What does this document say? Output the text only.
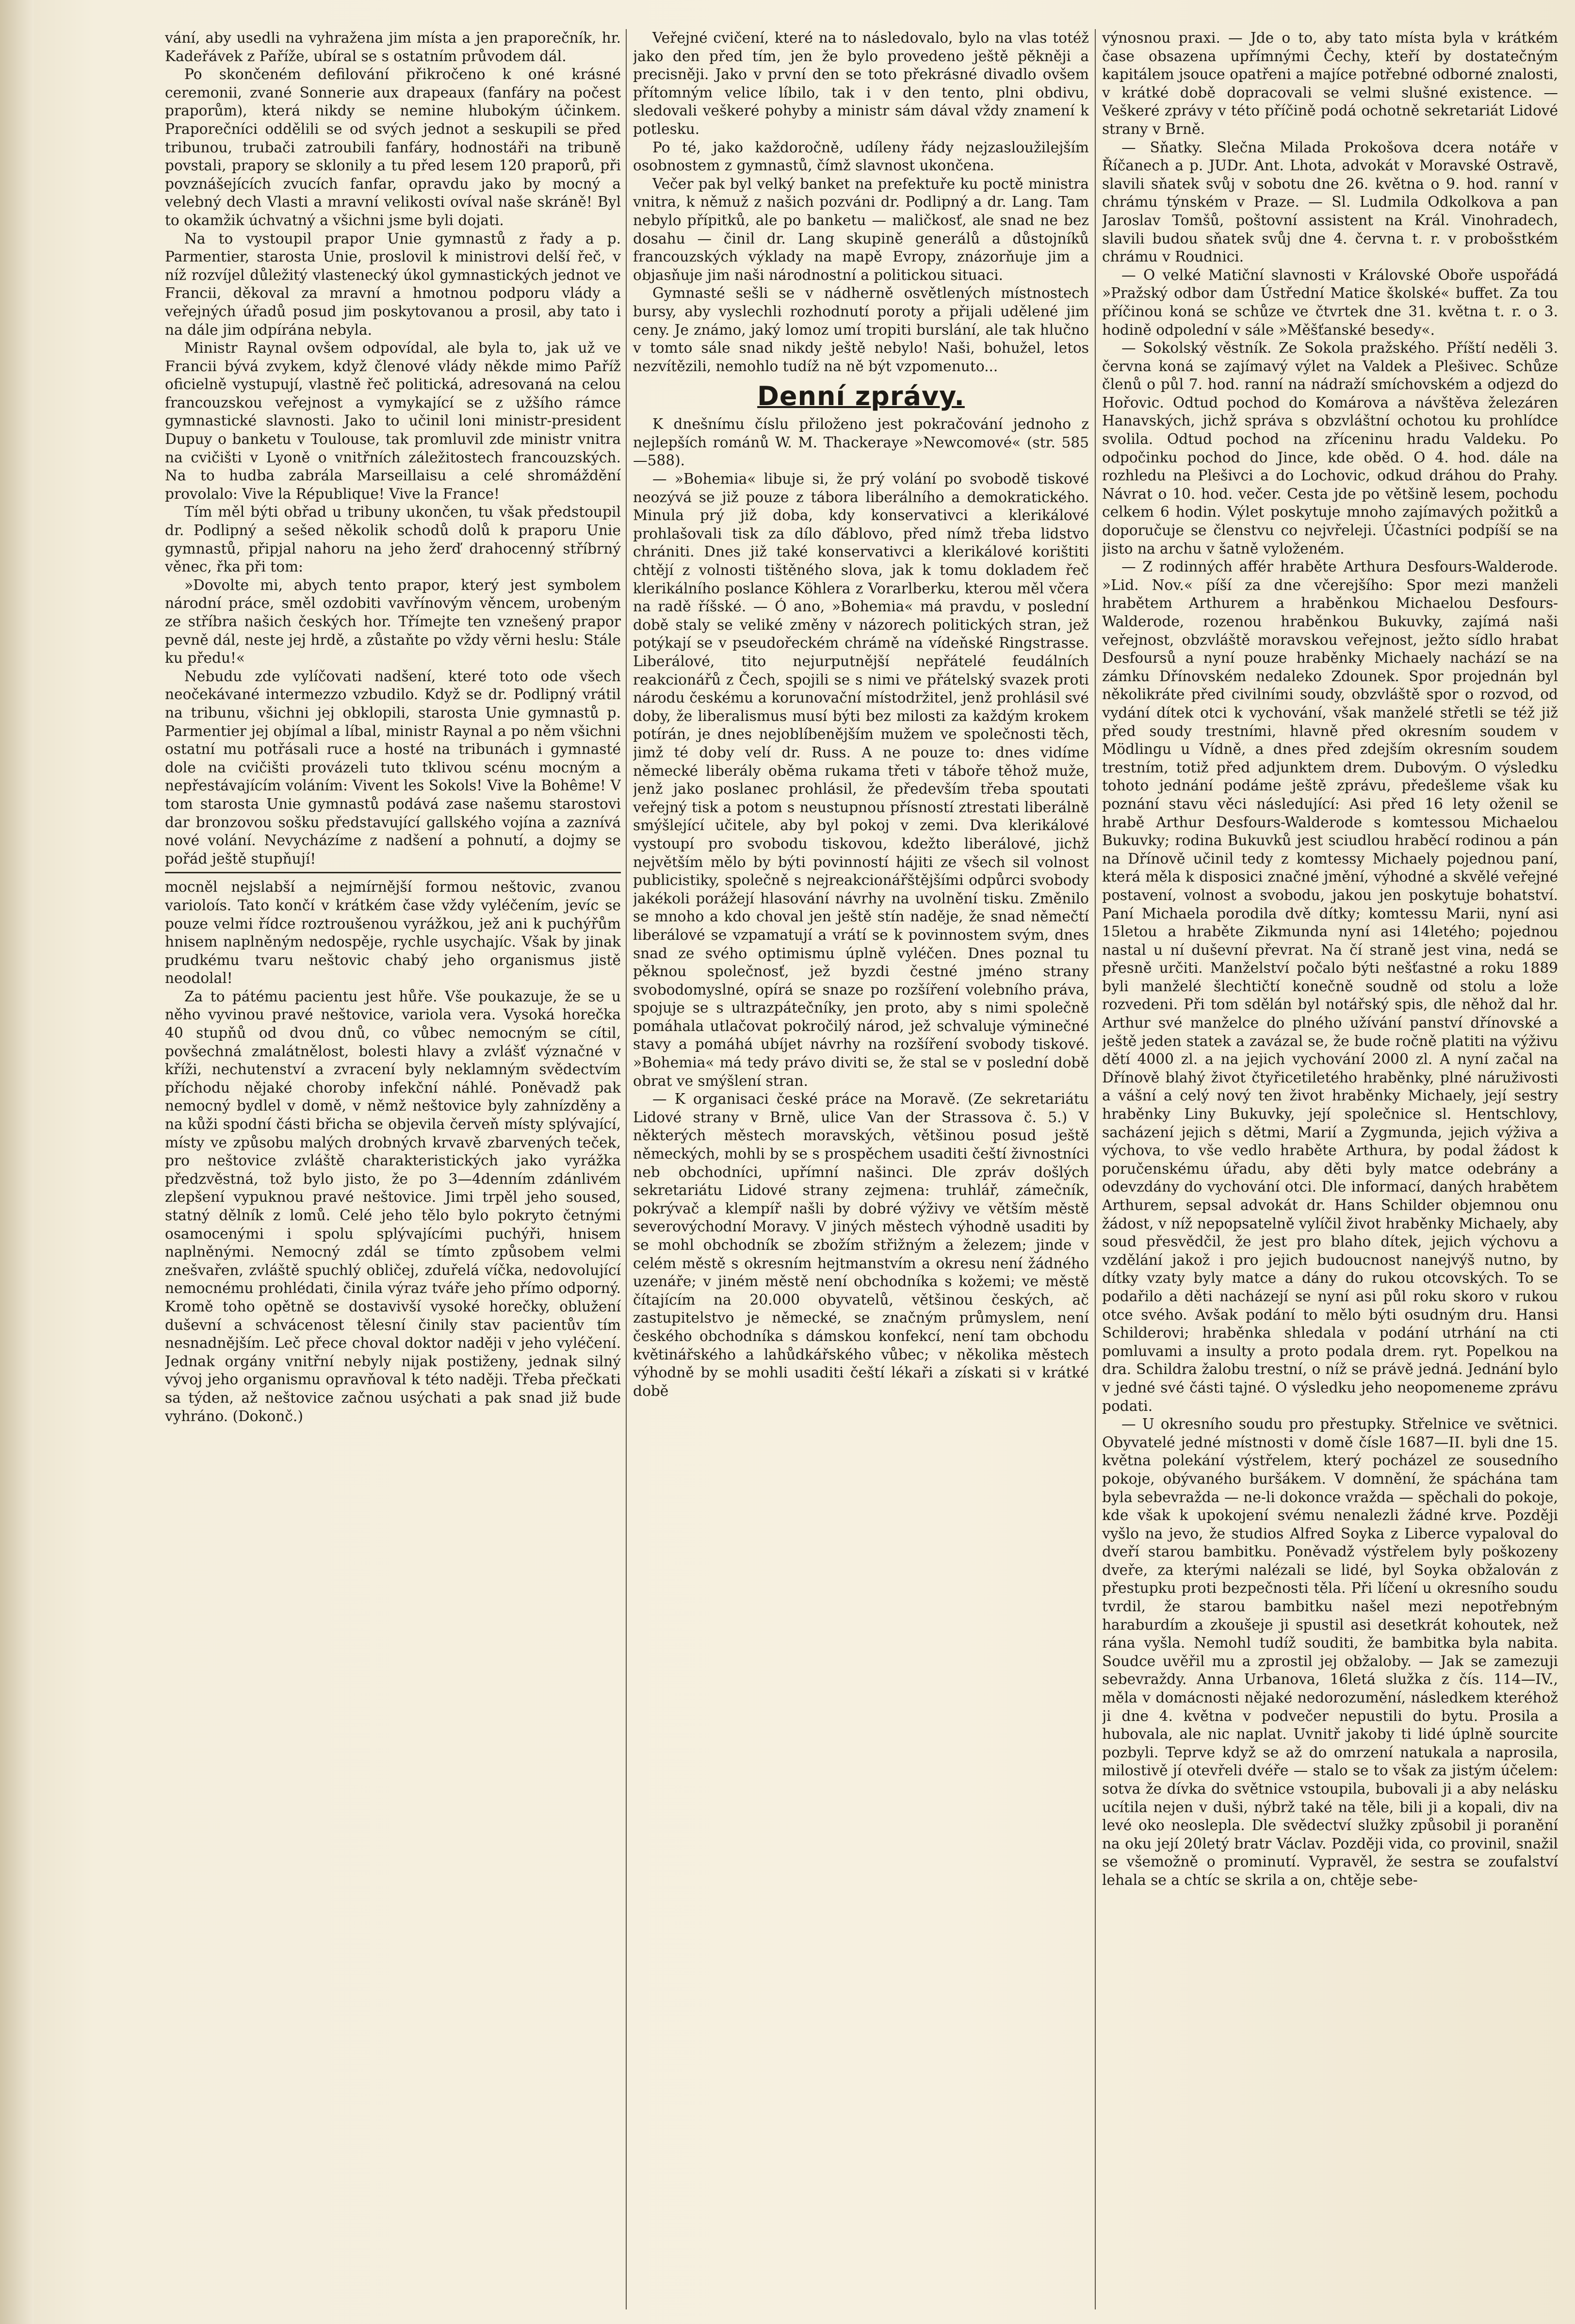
vání, aby usedli na vyhražena jim místa a jen praporečník, hr. Kadeřávek z Paříže, ubíral se s ostatním průvodem dál.

Po skončeném defilování přikročeno k oné krásné ceremonii, zvané Sonnerie aux drapeaux (fanfáry na počest praporům), která nikdy se nemine hlubokým účinkem. Praporečníci oddělili se od svých jednot a seskupili se před tribunou, trubači zatroubili fanfáry, hodnostáři na tribuně povstali, prapory se sklonily a tu před lesem 120 praporů, při povznášejících zvucích fanfar, opravdu jako by mocný a velebný dech Vlasti a mravní velikosti ovíval naše skráně! Byl to okamžik úchvatný a všichni jsme byli dojati.

Na to vystoupil prapor Unie gymnastů z řady a p. Parmentier, starosta Unie, proslovil k ministrovi delší řeč, v níž rozvíjel důležitý vlastenecký úkol gymnastických jednot ve Francii, děkoval za mravní a hmotnou podporu vlády a veřejných úřadů posud jim poskytovanou a prosil, aby tato i na dále jim odpírána nebyla.

Ministr Raynal ovšem odpovídal, ale byla to, jak už ve Francii bývá zvykem, když členové vlády někde mimo Paříž oficielně vystupují, vlastně řeč politická, adresovaná na celou francouzskou veřejnost a vymykající se z užšího rámce gymnastické slavnosti. Jako to učinil loni ministr-president Dupuy o banketu v Toulouse, tak promluvil zde ministr vnitra na cvičišti v Lyoně o vnitřních záležitostech francouzských. Na to hudba zabrála Marseillaisu a celé shromáždění provolalo: Vive la République! Vive la France!

Tím měl býti obřad u tribuny ukončen, tu však předstoupil dr. Podlipný a sešed několik schodů dolů k praporu Unie gymnastů, připjal nahoru na jeho žerď drahocenný stříbrný věnec, řka při tom:

»Dovolte mi, abych tento prapor, který jest symbolem národní práce, směl ozdobiti vavřínovým věncem, urobeným ze stříbra našich českých hor. Třímejte ten vznešený prapor pevně dál, neste jej hrdě, a zůstaňte po vždy věrni heslu: Stále ku předu!«

Nebudu zde vylíčovati nadšení, které toto ode všech neočekávané intermezzo vzbudilo. Když se dr. Podlipný vrátil na tribunu, všichni jej obklopili, starosta Unie gymnastů p. Parmentier jej objímal a líbal, ministr Raynal a po něm všichni ostatní mu potřásali ruce a hosté na tribunách i gymnasté dole na cvičišti provázeli tuto tklivou scénu mocným a nepřestávajícím voláním: Vivent les Sokols! Vive la Bohême! V tom starosta Unie gymnastů podává zase našemu starostovi dar bronzovou sošku představující gallského vojína a zaznívá nové volání. Nevycházíme z nadšení a pohnutí, a dojmy se pořád ještě stupňují!

mocněl nejslabší a nejmírnější formou neštovic, zvanou varioloís. Tato končí v krátkém čase vždy vyléčením, jevíc se pouze velmi řídce roztroušenou vyrážkou, jež ani k puchýřům hnisem naplněným nedospěje, rychle usychajíc. Však by jinak prudkému tvaru neštovic chabý jeho organismus jistě neodolal!

Za to pátému pacientu jest hůře. Vše poukazuje, že se u něho vyvinou pravé neštovice, variola vera. Vysoká horečka 40 stupňů od dvou dnů, co vůbec nemocným se cítil, povšechná zmalátnělost, bolesti hlavy a zvlášť význačné v kříži, nechutenství a zvracení byly neklamným svědectvím příchodu nějaké choroby infekční náhlé. Poněvadž pak nemocný bydlel v domě, v němž neštovice byly zahnízděny a na kůži spodní části břicha se objevila červeň místy splývající, místy ve způsobu malých drobných krvavě zbarvených teček, pro neštovice zvláště charakteristických jako vyrážka předzvěstná, tož bylo jisto, že po 3—4denním zdánlivém zlepšení vypuknou pravé neštovice. Jimi trpěl jeho soused, statný dělník z lomů. Celé jeho tělo bylo pokryto četnými osamocenými i spolu splývajícími puchýři, hnisem naplněnými. Nemocný zdál se tímto způsobem velmi znešvařen, zvláště spuchlý obličej, zduřelá víčka, nedovolující nemocnému prohlédati, činila výraz tváře jeho přímo odporný. Kromě toho opětně se dostavivší vysoké horečky, oblužení duševní a schvácenost tělesní činily stav pacientův tím nesnadnějším. Leč přece choval doktor naději v jeho vyléčení. Jednak orgány vnitřní nebyly nijak postiženy, jednak silný vývoj jeho organismu opravňoval k této naději. Třeba přečkati sa týden, až neštovice začnou usýchati a pak snad již bude vyhráno. (Dokonč.)

Veřejné cvičení, které na to následovalo, bylo na vlas totéž jako den před tím, jen že bylo provedeno ještě pěkněji a precisněji. Jako v první den se toto překrásné divadlo ovšem přítomným velice líbilo, tak i v den tento, plni obdivu, sledovali veškeré pohyby a ministr sám dával vždy znamení k potlesku.

Po té, jako každoročně, udíleny řády nejzasloužilejším osobnostem z gymnastů, čímž slavnost ukončena.

Večer pak byl velký banket na prefektuře ku poctě ministra vnitra, k němuž z našich pozváni dr. Podlipný a dr. Lang. Tam nebylo přípitků, ale po banketu — maličkosť, ale snad ne bez dosahu — činil dr. Lang skupině generálů a důstojníků francouzských výklady na mapě Evropy, znázorňuje jim a objasňuje jim naši národnostní a politickou situaci.

Gymnasté sešli se v nádherně osvětlených místnostech bursy, aby vyslechli rozhodnutí poroty a přijali udělené jim ceny. Je známo, jaký lomoz umí tropiti burslání, ale tak hlučno v tomto sále snad nikdy ještě nebylo! Naši, bohužel, letos nezvítězili, nemohlo tudíž na ně být vzpomenuto...

Denní zprávy.

K dnešnímu číslu přiloženo jest pokračování jednoho z nejlepších románů W. M. Thackeraye »Newcomové« (str. 585—588).

— »Bohemia« libuje si, že prý volání po svobodě tiskové neozývá se již pouze z tábora liberálního a demokratického. Minula prý již doba, kdy konservativci a klerikálové prohlašovali tisk za dílo ďáblovo, před nímž třeba lidstvo chrániti. Dnes již také konservativci a klerikálové korištiti chtějí z volnosti tištěného slova, jak k tomu dokladem řeč klerikálního poslance Köhlera z Vorarlberku, kterou měl včera na radě říšské. — Ó ano, »Bohemia« má pravdu, v poslední době staly se veliké změny v názorech politických stran, jež potýkají se v pseudořeckém chrámě na vídeňské Ringstrasse. Liberálové, tito nejurputnější nepřátelé feudálních reakcionářů z Čech, spojili se s nimi ve přátelský svazek proti národu českému a korunovační místodržitel, jenž prohlásil své doby, že liberalismus musí býti bez milosti za každým krokem potírán, je dnes nejoblíbenějším mužem ve společnosti těch, jimž té doby velí dr. Russ. A ne pouze to: dnes vidíme německé liberály oběma rukama třeti v táboře těhož muže, jenž jako poslanec prohlásil, že především třeba spoutati veřejný tisk a potom s neustupnou přísností ztrestati liberálně smýšlející učitele, aby byl pokoj v zemi. Dva klerikálové vystoupí pro svobodu tiskovou, kdežto liberálové, jichž největším mělo by býti povinností hájiti ze všech sil volnost publicistiky, společně s nejreakcionářštějšími odpůrci svobody jakékoli porážejí hlasování návrhy na uvolnění tisku. Změnilo se mnoho a kdo choval jen ještě stín naděje, že snad němečtí liberálové se vzpamatují a vrátí se k povinnostem svým, dnes snad ze svého optimismu úplně vyléčen. Dnes poznal tu pěknou společnosť, jež byzdi čestné jméno strany svobodomyslné, opírá se snaze po rozšíření volebního práva, spojuje se s ultrazpátečníky, jen proto, aby s nimi společně pomáhala utlačovat pokročilý národ, jež schvaluje výminečné stavy a pomáhá ubíjet návrhy na rozšíření svobody tiskové. »Bohemia« má tedy právo diviti se, že stal se v poslední době obrat ve smýšlení stran.

— K organisaci české práce na Moravě. (Ze sekretariátu Lidové strany v Brně, ulice Van der Strassova č. 5.) V některých městech moravských, většinou posud ještě německých, mohli by se s prospěchem usaditi čeští živnostníci neb obchodníci, upřímní našinci. Dle zpráv došlých sekretariátu Lidové strany zejmena: truhlář, zámečník, pokrývač a klempíř našli by dobré výživy ve větším městě severovýchodní Moravy. V jiných městech výhodně usaditi by se mohl obchodník se zbožím střižným a železem; jinde v celém městě s okresním hejtmanstvím a okresu není žádného uzenáře; v jiném městě není obchodníka s kožemi; ve městě čítajícím na 20.000 obyvatelů, většinou českých, ač zastupitelstvo je německé, se značným průmyslem, není českého obchodníka s dámskou konfekcí, není tam obchodu květinářského a lahůdkářského vůbec; v několika městech výhodně by se mohli usaditi čeští lékaři a získati si v krátké době

výnosnou praxi. — Jde o to, aby tato místa byla v krátkém čase obsazena upřímnými Čechy, kteří by dostatečným kapitálem jsouce opatřeni a majíce potřebné odborné znalosti, v krátké době dopracovali se velmi slušné existence. — Veškeré zprávy v této příčině podá ochotně sekretariát Lidové strany v Brně.

— Sňatky. Slečna Milada Prokošova dcera notáře v Říčanech a p. JUDr. Ant. Lhota, advokát v Moravské Ostravě, slavili sňatek svůj v sobotu dne 26. května o 9. hod. ranní v chrámu týnském v Praze. — Sl. Ludmila Odkolkova a pan Jaroslav Tomšů, poštovní assistent na Král. Vinohradech, slavili budou sňatek svůj dne 4. června t. r. v probošstkém chrámu v Roudnici.

— O velké Matiční slavnosti v Královské Oboře uspořádá »Pražský odbor dam Ústřední Matice školské« buffet. Za tou příčinou koná se schůze ve čtvrtek dne 31. května t. r. o 3. hodině odpolední v sále »Měšťanské besedy«.

— Sokolský věstník. Ze Sokola pražského. Příští neděli 3. června koná se zajímavý výlet na Valdek a Plešivec. Schůze členů o půl 7. hod. ranní na nádraží smíchovském a odjezd do Hořovic. Odtud pochod do Komárova a návštěva železáren Hanavských, jichž správa s obzvláštní ochotou ku prohlídce svolila. Odtud pochod na zříceninu hradu Valdeku. Po odpočinku pochod do Jince, kde oběd. O 4. hod. dále na rozhledu na Plešivci a do Lochovic, odkud dráhou do Prahy. Návrat o 10. hod. večer. Cesta jde po většině lesem, pochodu celkem 6 hodin. Výlet poskytuje mnoho zajímavých požitků a doporučuje se členstvu co nejvřeleji. Účastníci podpíší se na jisto na archu v šatně vyloženém.

— Z rodinných affér hraběte Arthura Desfours-Walderode. »Lid. Nov.« píší za dne včerejšího: Spor mezi manželi hrabětem Arthurem a hraběnkou Michaelou Desfours-Walderode, rozenou hraběnkou Bukuvky, zajímá naši veřejnost, obzvláště moravskou veřejnost, ježto sídlo hrabat Desfoursů a nyní pouze hraběnky Michaely nachází se na zámku Dřínovském nedaleko Zdounek. Spor projednán byl několikráte před civilními soudy, obzvláště spor o rozvod, od vydání dítek otci k vychování, však manželé střetli se též již před soudy trestními, hlavně před okresním soudem v Mödlingu u Vídně, a dnes před zdejším okresním soudem trestním, totiž před adjunktem drem. Dubovým. O výsledku tohoto jednání podáme ještě zprávu, předešleme však ku poznání stavu věci následující: Asi před 16 lety oženil se hrabě Arthur Desfours-Walderode s komtessou Michaelou Bukuvky; rodina Bukuvků jest sciudlou hraběcí rodinou a pán na Dřínově učinil tedy z komtessy Michaely pojednou paní, která měla k disposici značné jmění, výhodné a skvělé veřejné postavení, volnost a svobodu, jakou jen poskytuje bohatství. Paní Michaela porodila dvě dítky; komtessu Marii, nyní asi 15letou a hraběte Zikmunda nyní asi 14letého; pojednou nastal u ní duševní převrat. Na čí straně jest vina, nedá se přesně určiti. Manželství počalo býti nešťastné a roku 1889 byli manželé šlechtičtí konečně soudně od stolu a lože rozvedeni. Při tom sdělán byl notářský spis, dle něhož dal hr. Arthur své manželce do plného užívání panství dřínovské a ještě jeden statek a zavázal se, že bude ročně platiti na výživu dětí 4000 zl. a na jejich vychování 2000 zl. A nyní začal na Dřínově blahý život čtyřicetiletého hraběnky, plné náruživosti a vášní a celý nový ten život hraběnky Michaely, její sestry hraběnky Liny Bukuvky, její společnice sl. Hentschlovy, sacházení jejich s dětmi, Marií a Zygmunda, jejich výživa a výchova, to vše vedlo hraběte Arthura, by podal žádost k poručenskému úřadu, aby děti byly matce odebrány a odevzdány do vychování otci. Dle informací, daných hrabětem Arthurem, sepsal advokát dr. Hans Schilder objemnou onu žádost, v níž nepopsatelně vylíčil život hraběnky Michaely, aby soud přesvědčil, že jest pro blaho dítek, jejich výchovu a vzdělání jakož i pro jejich budoucnost nanejvýš nutno, by dítky vzaty byly matce a dány do rukou otcovských. To se podařilo a děti nacházejí se nyní asi půl roku skoro v rukou otce svého. Avšak podání to mělo býti osudným dru. Hansi Schilderovi; hraběnka shledala v podání utrhání na cti pomluvami a insulty a proto podala drem. ryt. Popelkou na dra. Schildra žalobu trestní, o níž se právě jedná. Jednání bylo v jedné své části tajné. O výsledku jeho neopomeneme zprávu podati.

— U okresního soudu pro přestupky. Střelnice ve světnici. Obyvatelé jedné místnosti v domě čísle 1687—II. byli dne 15. května polekání výstřelem, který pocházel ze sousedního pokoje, obývaného buršákem. V domnění, že spáchána tam byla sebevražda — ne-li dokonce vražda — spěchali do pokoje, kde však k upokojení svému nenalezli žádné krve. Později vyšlo na jevo, že studios Alfred Soyka z Liberce vypaloval do dveří starou bambitku. Poněvadž výstřelem byly poškozeny dveře, za kterými nalézali se lidé, byl Soyka obžalován z přestupku proti bezpečnosti těla. Při líčení u okresního soudu tvrdil, že starou bambitku našel mezi nepotřebným haraburdím a zkoušeje ji spustil asi desetkrát kohoutek, než rána vyšla. Nemohl tudíž souditi, že bambitka byla nabita. Soudce uvěřil mu a zprostil jej obžaloby. — Jak se zamezuji sebevraždy. Anna Urbanova, 16letá služka z čís. 114—IV., měla v domácnosti nějaké nedorozumění, následkem kteréhož ji dne 4. května v podvečer nepustili do bytu. Prosila a hubovala, ale nic naplat. Uvnitř jakoby ti lidé úplně sourcite pozbyli. Teprve když se až do omrzení natukala a naprosila, milostivě jí otevřeli dvéře — stalo se to však za jistým účelem: sotva že dívka do světnice vstoupila, bubovali ji a aby nelásku ucítila nejen v duši, nýbrž také na těle, bili ji a kopali, div na levé oko neoslepla. Dle svědectví služky způsobil ji poranění na oku její 20letý bratr Václav. Později vida, co provinil, snažil se všemožně o prominutí. Vypravěl, že sestra se zoufalství lehala se a chtíc se skrila a on, chtěje sebe-
